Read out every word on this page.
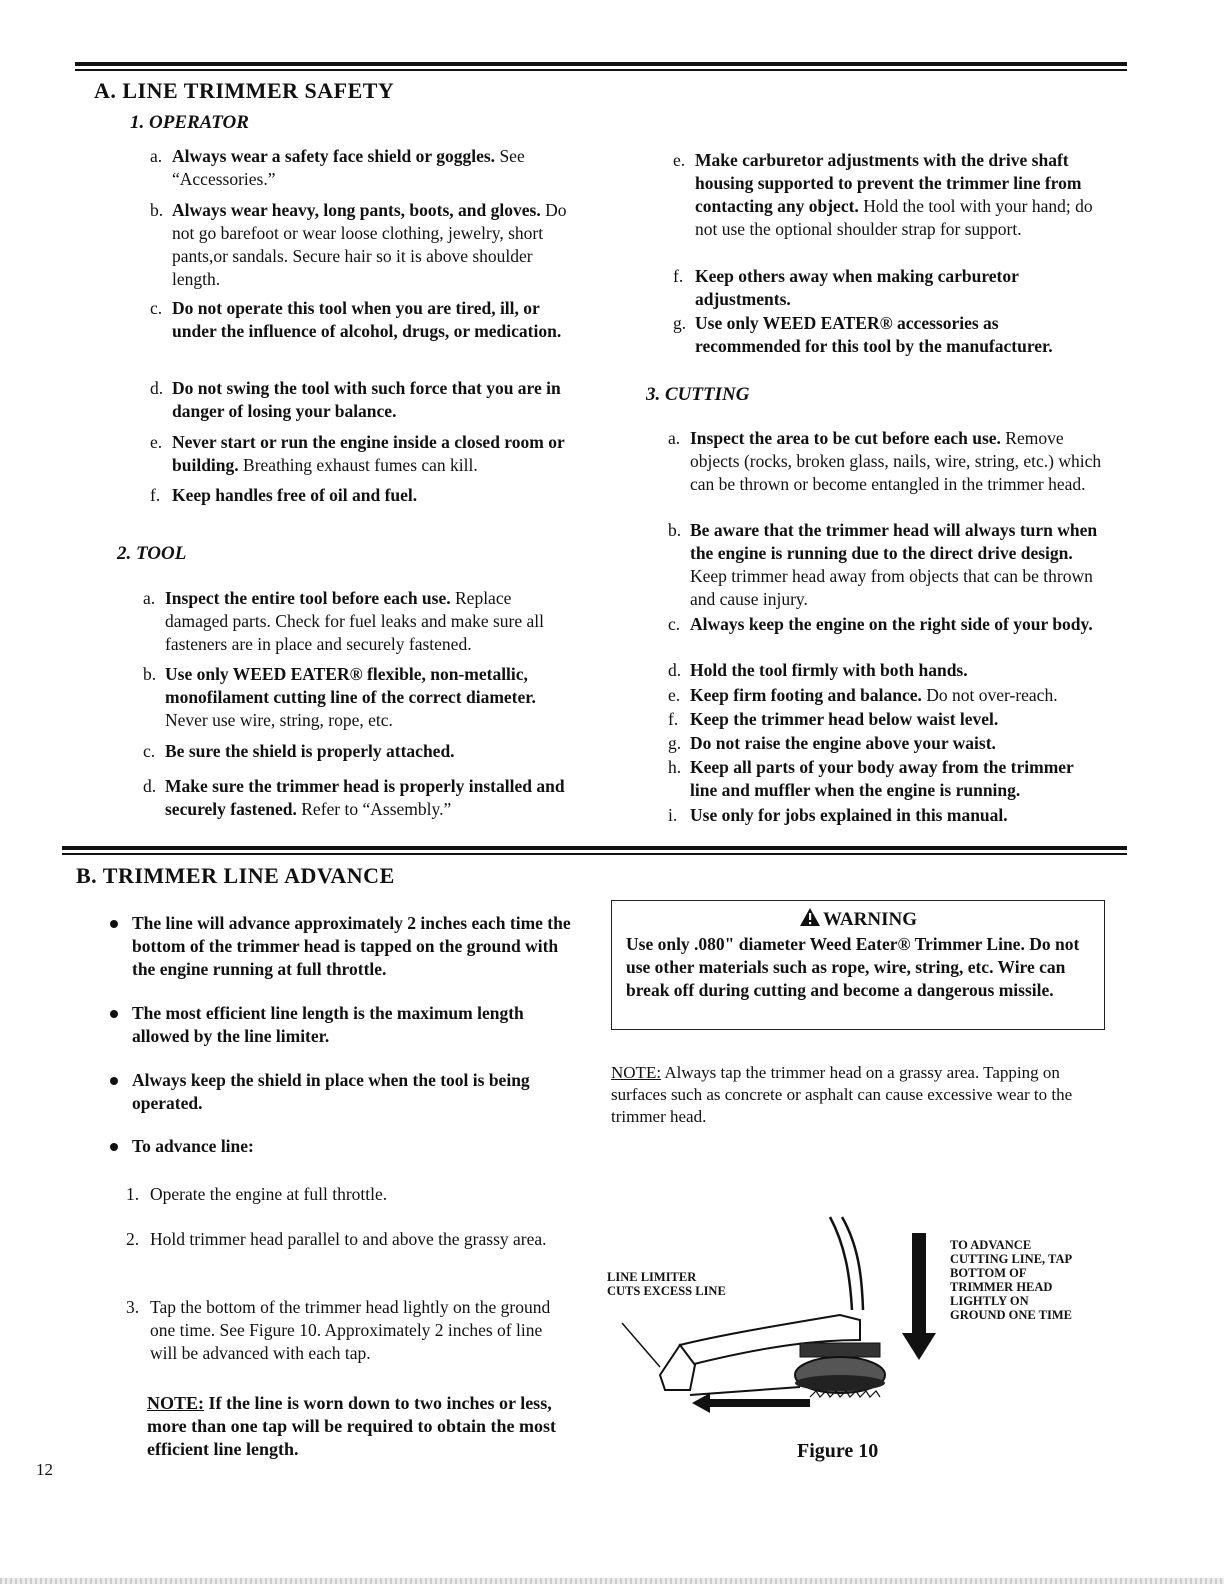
A. LINE TRIMMER SAFETY
1. OPERATOR
a. Always wear a safety face shield or goggles. See “Accessories.”
b. Always wear heavy, long pants, boots, and gloves. Do not go barefoot or wear loose clothing, jewelry, short pants,or sandals. Secure hair so it is above shoulder length.
c. Do not operate this tool when you are tired, ill, or under the influence of alcohol, drugs, or medication.
d. Do not swing the tool with such force that you are in danger of losing your balance.
e. Never start or run the engine inside a closed room or building. Breathing exhaust fumes can kill.
f. Keep handles free of oil and fuel.
2. TOOL
a. Inspect the entire tool before each use. Replace damaged parts. Check for fuel leaks and make sure all fasteners are in place and securely fastened.
b. Use only WEED EATER® flexible, non-metallic, monofilament cutting line of the correct diameter. Never use wire, string, rope, etc.
c. Be sure the shield is properly attached.
d. Make sure the trimmer head is properly installed and securely fastened. Refer to “Assembly.”
e. Make carburetor adjustments with the drive shaft housing supported to prevent the trimmer line from contacting any object. Hold the tool with your hand; do not use the optional shoulder strap for support.
f. Keep others away when making carburetor adjustments.
g. Use only WEED EATER® accessories as recommended for this tool by the manufacturer.
3. CUTTING
a. Inspect the area to be cut before each use. Remove objects (rocks, broken glass, nails, wire, string, etc.) which can be thrown or become entangled in the trimmer head.
b. Be aware that the trimmer head will always turn when the engine is running due to the direct drive design. Keep trimmer head away from objects that can be thrown and cause injury.
c. Always keep the engine on the right side of your body.
d. Hold the tool firmly with both hands.
e. Keep firm footing and balance. Do not over-reach.
f. Keep the trimmer head below waist level.
g. Do not raise the engine above your waist.
h. Keep all parts of your body away from the trimmer line and muffler when the engine is running.
i. Use only for jobs explained in this manual.
B. TRIMMER LINE ADVANCE
The line will advance approximately 2 inches each time the bottom of the trimmer head is tapped on the ground with the engine running at full throttle.
The most efficient line length is the maximum length allowed by the line limiter.
Always keep the shield in place when the tool is being operated.
To advance line:
1. Operate the engine at full throttle.
2. Hold trimmer head parallel to and above the grassy area.
3. Tap the bottom of the trimmer head lightly on the ground one time. See Figure 10. Approximately 2 inches of line will be advanced with each tap.
NOTE: If the line is worn down to two inches or less, more than one tap will be required to obtain the most efficient line length.
WARNING
Use only .080" diameter Weed Eater® Trimmer Line. Do not use other materials such as rope, wire, string, etc. Wire can break off during cutting and become a dangerous missile.
NOTE: Always tap the trimmer head on a grassy area. Tapping on surfaces such as concrete or asphalt can cause excessive wear to the trimmer head.
LINE LIMITER CUTS EXCESS LINE
TO ADVANCE CUTTING LINE, TAP BOTTOM OF TRIMMER HEAD LIGHTLY ON GROUND ONE TIME
Figure 10
12
